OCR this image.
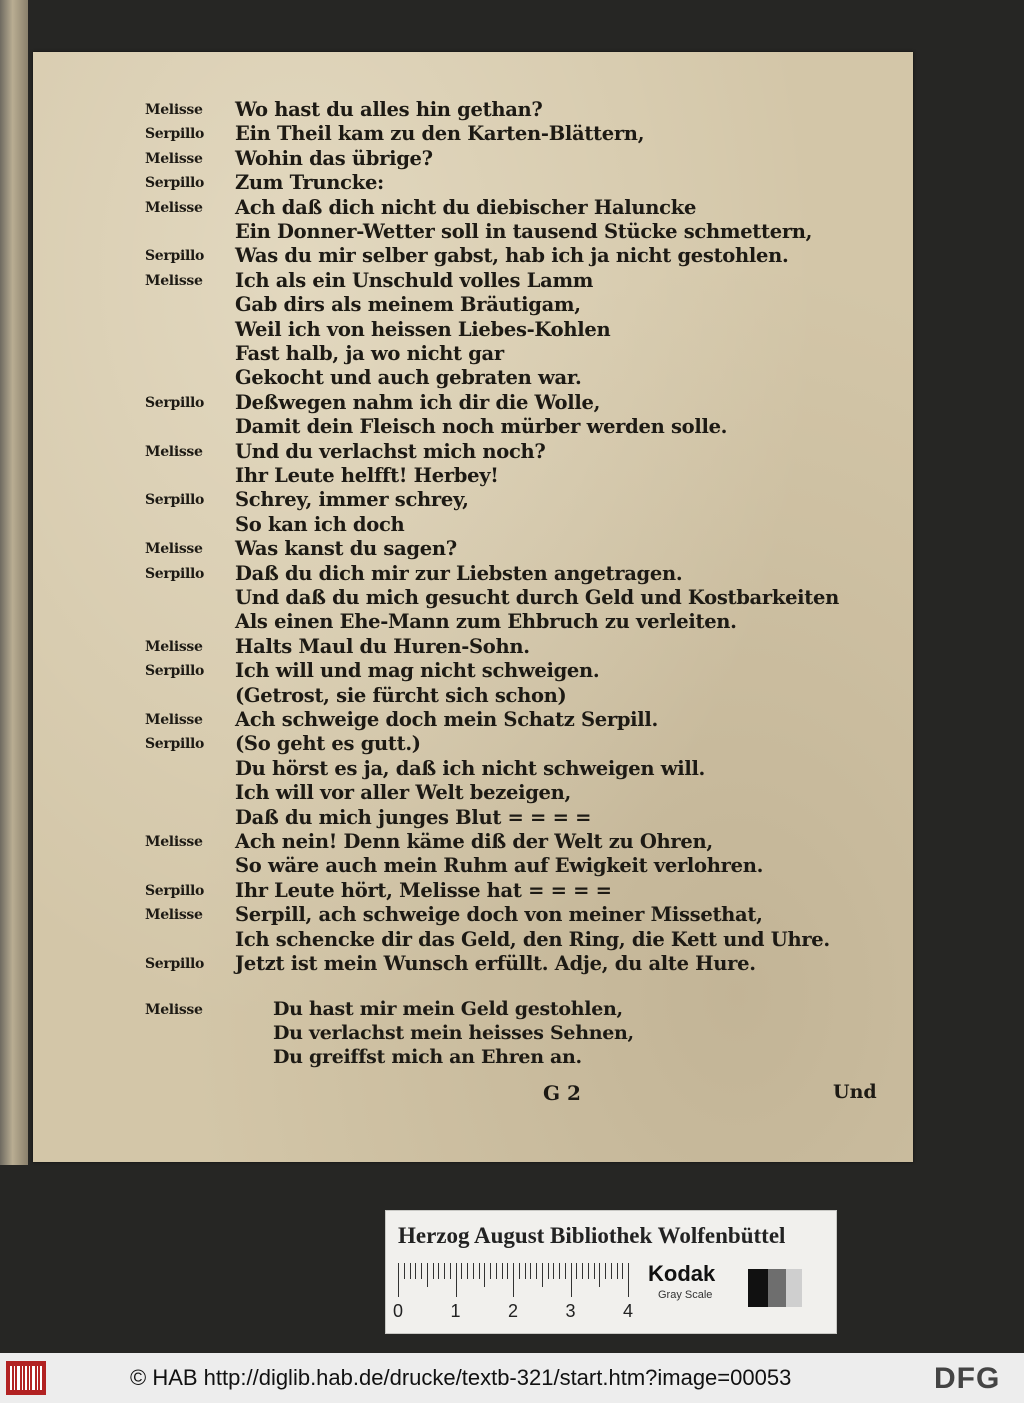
Melisse Wo hast du alles hin gethan?
Serpillo Ein Theil kam zu den Karten-Blättern,
Melisse Wohin das übrige?
Serpillo Zum Truncke:
Melisse Ach daß dich nicht du diebischer Haluncke
Ein Donner-Wetter soll in tausend Stücke schmettern,
Serpillo Was du mir selber gabst, hab ich ja nicht gestohlen.
Melisse Ich als ein Unschuld volles Lamm
Gab dirs als meinem Bräutigam,
Weil ich von heissen Liebes-Kohlen
Fast halb, ja wo nicht gar
Gekocht und auch gebraten war.
Serpillo Deßwegen nahm ich dir die Wolle,
Damit dein Fleisch noch mürber werden solle.
Melisse Und du verlachst mich noch?
Ihr Leute helfft! Herbey!
Serpillo Schrey, immer schrey,
So kan ich doch
Melisse Was kanst du sagen?
Serpillo Daß du dich mir zur Liebsten angetragen.
Und daß du mich gesucht durch Geld und Kostbarkeiten
Als einen Ehe-Mann zum Ehbruch zu verleiten.
Melisse Halts Maul du Huren-Sohn.
Serpillo Ich will und mag nicht schweigen.
(Getrost, sie fürcht sich schon)
Melisse Ach schweige doch mein Schatz Serpill.
Serpillo (So geht es gutt.)
Du hörst es ja, daß ich nicht schweigen will.
Ich will vor aller Welt bezeigen,
Daß du mich junges Blut = = = =
Melisse Ach nein! Denn käme diß der Welt zu Ohren,
So wäre auch mein Ruhm auf Ewigkeit verlohren.
Serpillo Ihr Leute hört, Melisse hat = = = =
Melisse Serpill, ach schweige doch von meiner Missethat,
Ich schencke dir das Geld, den Ring, die Kett und Uhre.
Serpillo Jetzt ist mein Wunsch erfüllt. Adje, du alte Hure.
Melisse	Du hast mir mein Geld gestohlen,
Du verlachst mein heisses Sehnen,
Du greiffst mich an Ehren an.
G 2	Und
Herzog August Bibliothek Wolfenbüttel
0	1	2	3	4
Kodak
Gray Scale
© HAB http://diglib.hab.de/drucke/textb-321/start.htm?image=00053	DFG
